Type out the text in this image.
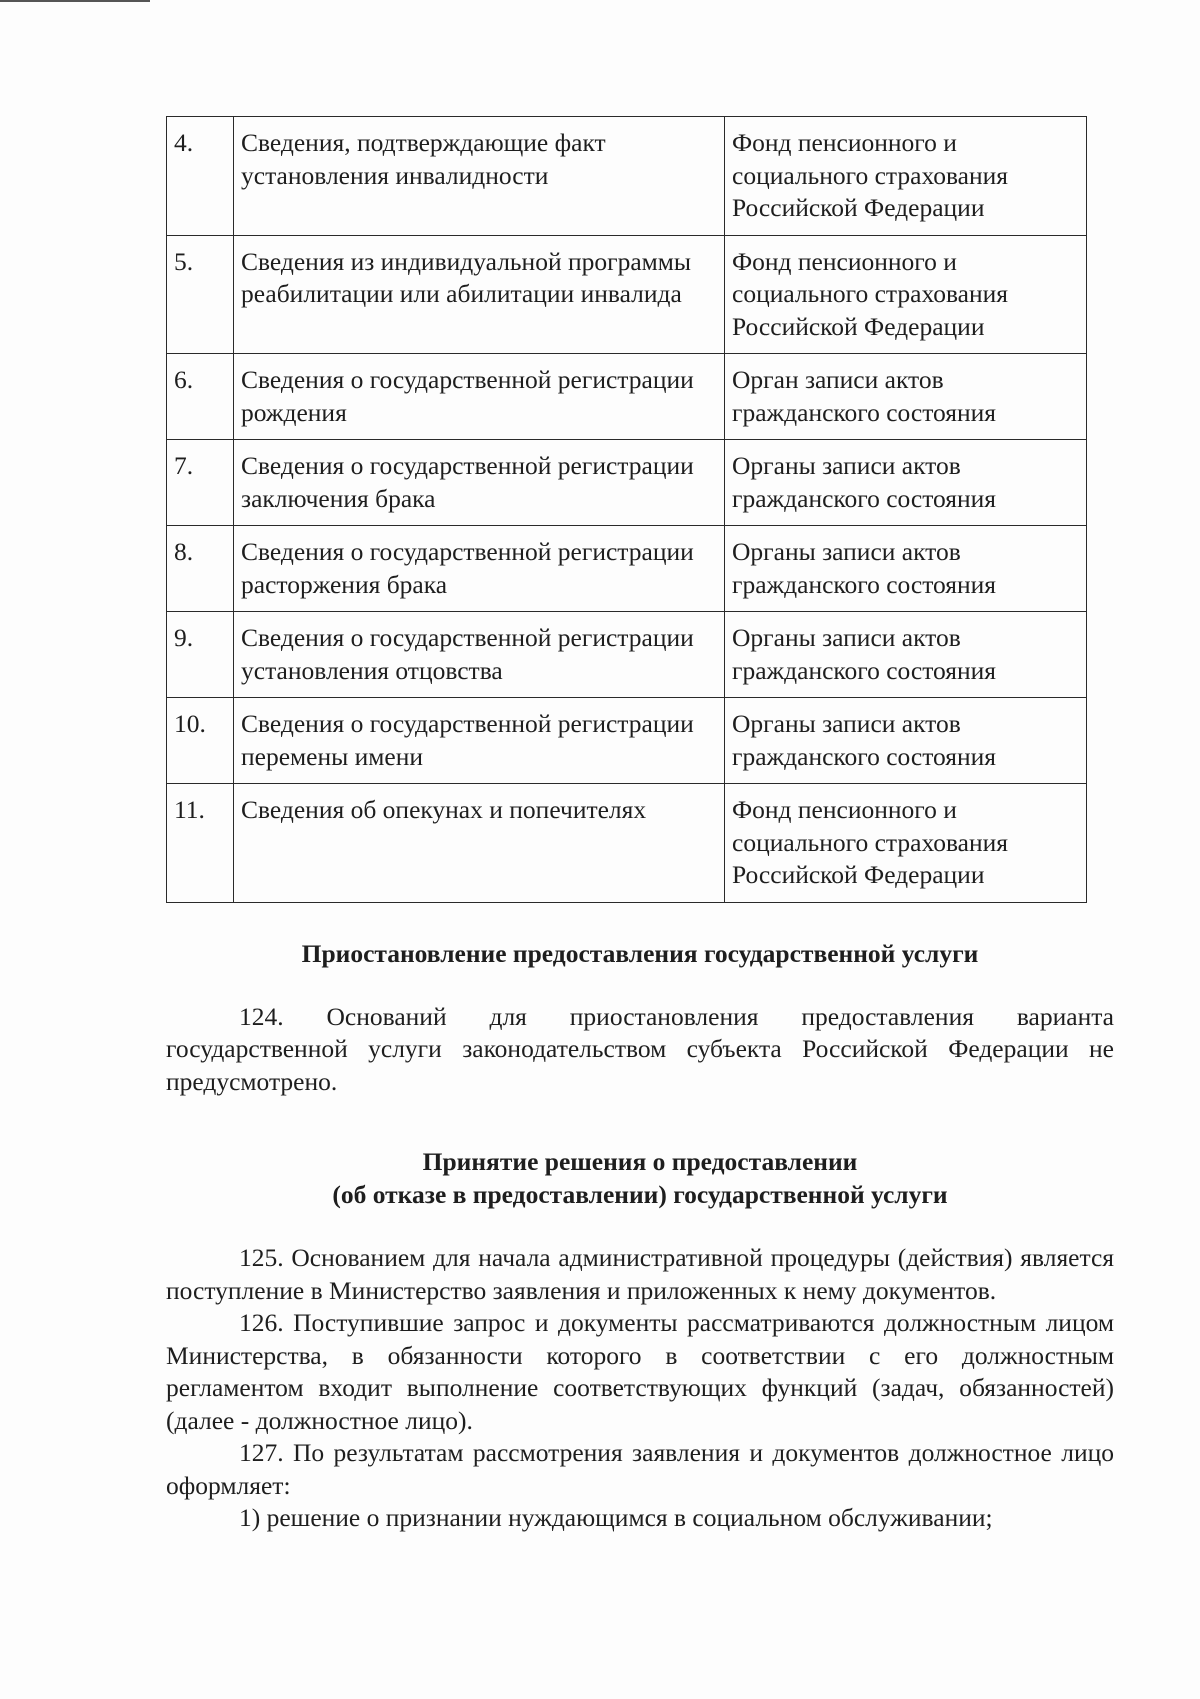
4.	Сведения, подтверждающие факт установления инвалидности	Фонд пенсионного и социального страхования Российской Федерации
5.	Сведения из индивидуальной программы реабилитации или абилитации инвалида	Фонд пенсионного и социального страхования Российской Федерации
6.	Сведения о государственной регистрации рождения	Орган записи актов гражданского состояния
7.	Сведения о государственной регистрации заключения брака	Органы записи актов гражданского состояния
8.	Сведения о государственной регистрации расторжения брака	Органы записи актов гражданского состояния
9.	Сведения о государственной регистрации установления отцовства	Органы записи актов гражданского состояния
10.	Сведения о государственной регистрации перемены имени	Органы записи актов гражданского состояния
11.	Сведения об опекунах и попечителях	Фонд пенсионного и социального страхования Российской Федерации
Приостановление предоставления государственной услуги

124. Оснований для приостановления предоставления варианта государственной услуги законодательством субъекта Российской Федерации не предусмотрено.

Принятие решения о предоставлении
(об отказе в предоставлении) государственной услуги

125. Основанием для начала административной процедуры (действия) является поступление в Министерство заявления и приложенных к нему документов.

126. Поступившие запрос и документы рассматриваются должностным лицом Министерства, в обязанности которого в соответствии с его должностным регламентом входит выполнение соответствующих функций (задач, обязанностей) (далее - должностное лицо).

127. По результатам рассмотрения заявления и документов должностное лицо оформляет:

1) решение о признании нуждающимся в социальном обслуживании;
